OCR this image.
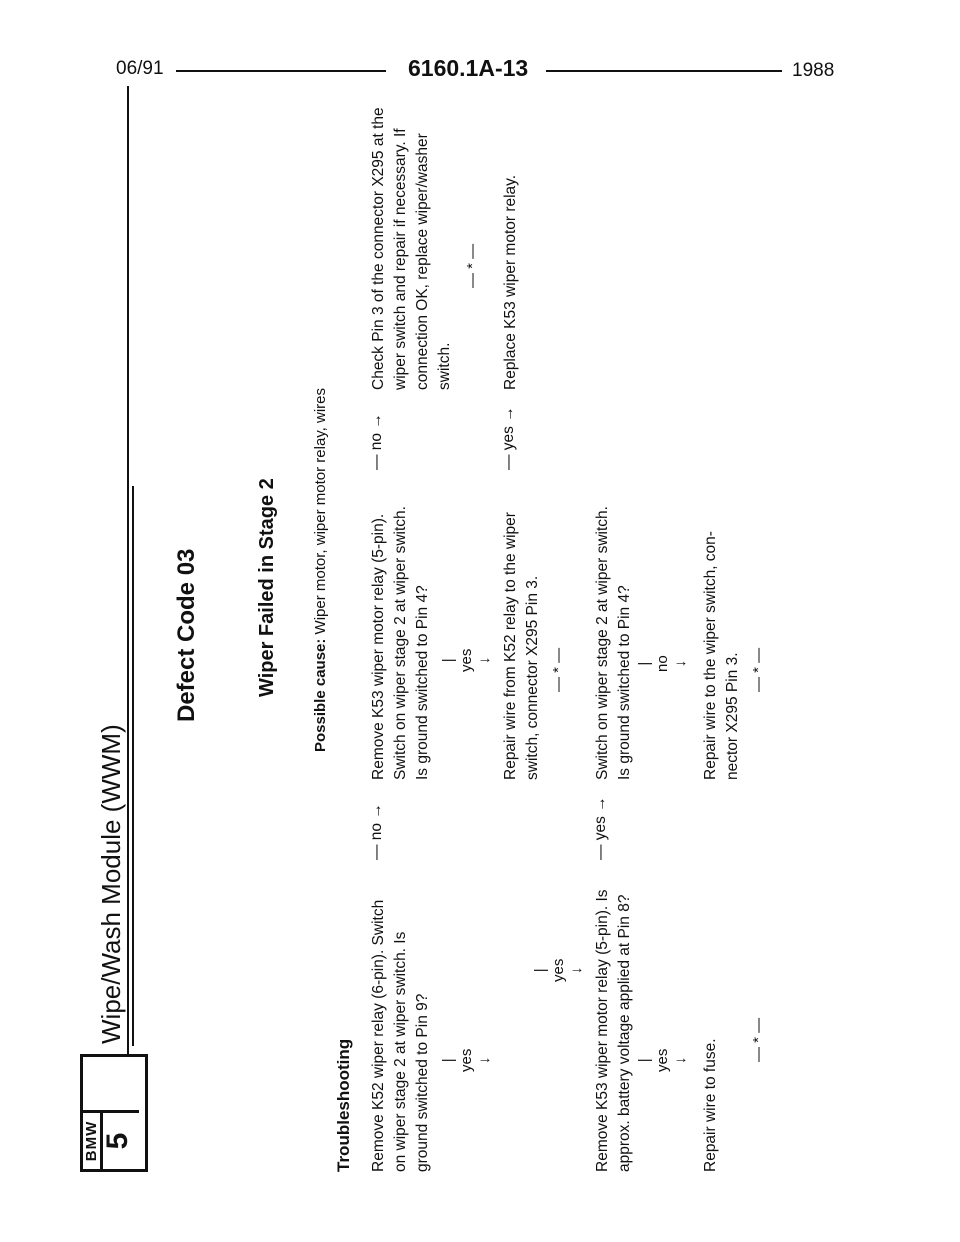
06/91	6160.1A-13	1988
BMW 5
Wipe/Wash Module (WWM)
Defect Code 03	Wiper Failed in Stage 2 Possible cause: Wiper motor, wiper motor relay, wires
Troubleshooting Remove K52 wiper relay (6-pin). Switch on wiper stage 2 at wiper switch. Is ground switched to Pin 9?
— no →
Remove K53 wiper motor relay (5-pin). Switch on wiper stage 2 at wiper switch. Is ground switched to Pin 4?
— no →
Check Pin 3 of the connector X295 at the wiper switch and repair if necessary. If connection OK, replace wiper/washer switch.
— * —
| yes ↓
| yes ↓ Repair wire from K52 relay to the wiper switch, connector X295 Pin 3. — * —
— yes →
Replace K53 wiper motor relay.
| yes ↓ Remove K53 wiper motor relay (5-pin). Is approx. battery voltage applied at Pin 8?
— yes →
Switch on wiper stage 2 at wiper switch. Is ground switched to Pin 4?
| yes ↓
| no ↓ Repair wire to the wiper switch, con- nector X295 Pin 3. — * —
Repair wire to fuse. — * —
